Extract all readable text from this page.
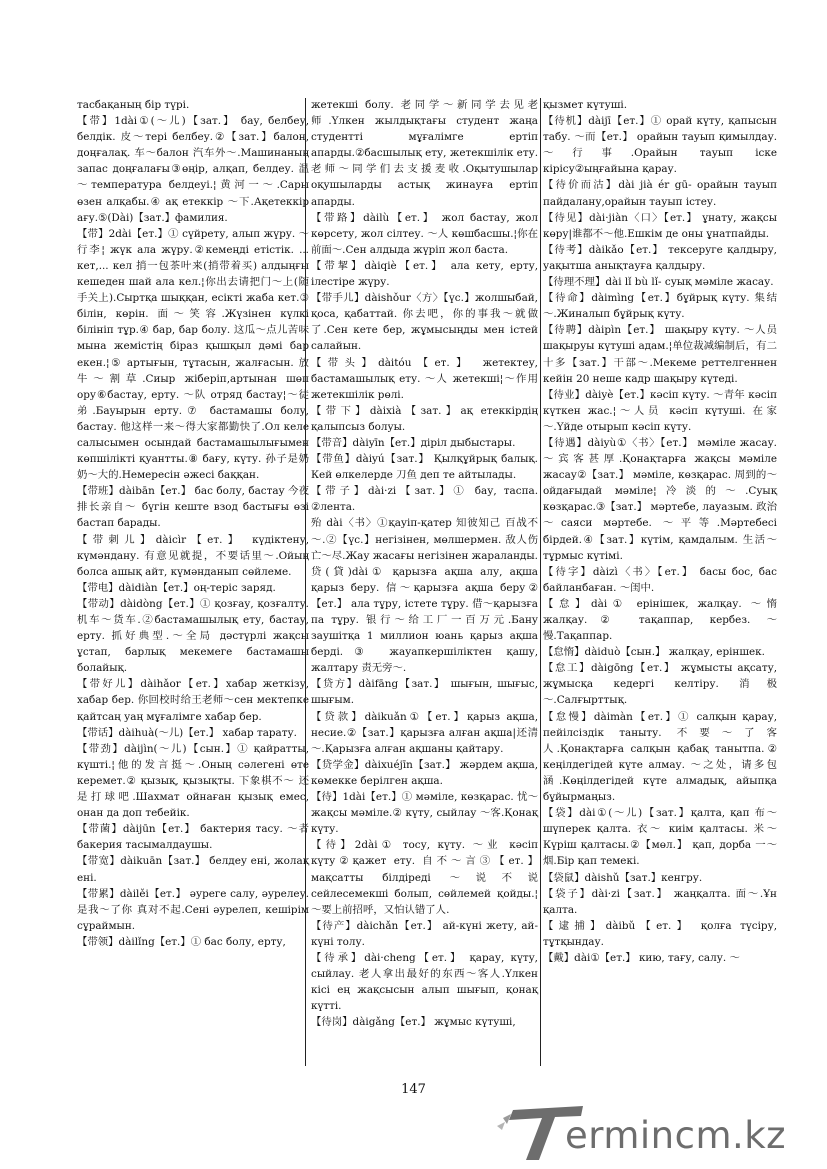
тасбақаның бір түрі.

【带】1dài①(～儿)【зат.】 бау, белбеу, белдік. 皮～тері белбеу.②【зат.】балон, доңғалақ. 车～балон 汽车外～.Машинаның запас доңғалағы③өңір, алқап, белдеу. 温～температура белдеуі.¦黄河一～.Сары өзен алқабы.④ ақ етеккір ～下.Ақетеккір ағу.⑤(Dài)【зат.】фамилия.

【带】2dài【ет.】① сүйрету, алып жүру. ～行李¦ жүк ала жүру.②кемеңді етістік. ... кет,... кел 捎一包茶叶来(捎带着买) алдыңғы кешеден шай ала кел.¦你出去请把门～上(随手关上).Сыртқа шыққан, есікті жаба кет.③ білін, көрін. 面～笑容.Жүзінен күлкі білініп тұр.④ бар, бар болу. 这瓜～点儿苦味 мына жемістің біраз қышқыл дәмі бар екен.¦⑤ артығын, тұтасын, жалғасын. 放牛～割草.Сиыр жіберіп,артынан шөп ору⑥бастау, ерту. ～队 отряд бастау¦～徒弟.Бауырын ерту.⑦ бастамашы болу, бастау. 他这样一来～得大家都勤快了.Ол келе салысымен осындай бастамашылығымен көпшілікті қуантты.⑧ бағу, күту. 孙子是奶奶～大的.Немересін әжесі баққан.

【带班】dàibān【ет.】 бас болу, бастау 今夜排长亲自～ бүгін кеште взод бастығы өзі бастап барады.

【带刺儿】dàicìr【ет.】 күдіктену, күмәндану. 有意见就提，不要话里～.Ойың болса ашық айт, күмәнданып сөйлеме.

【带电】dàidiàn【ет.】оң-теріс заряд.

【带动】dàidòng【ет.】① қозғау, қозғалту. 机车～货车.②бастамашылық ету, бастау, ерту. 抓好典型.～全局 дәстүрлі жақсы ұстап, барлық мекемеге бастамашы болайық.

【带好儿】dàihǎor【ет.】хабар жеткізу, хабар бер. 你回校时给王老师～сен мектепке қайтсаң уаң мұғалімге хабар бер.

【带话】dàihuà(～儿)【ет.】 хабар тарату.

【带劲】dàijìn(～儿)【сын.】① қайратты, күшті.¦他的发言挺～.Оның сәлегені өте керемет.② қызық, қызықты. 下象棋不～ 还是打球吧.Шахмат ойнаған қызық емес, онан да доп тебейік.

【带菌】dàijūn【ет.】 бактерия тасу. ～者 бакерия тасымалдаушы.

【带宽】dàikuān【зат.】 белдеу ені, жолақ ені.

【带累】dàilěi【ет.】 әуреге салу, әурелеу. 是我～了你 真对不起.Сені әурелеп, кешірім сұраймын.

【带领】dàilǐng【ет.】① бас болу, ерту,

жетекші болу. 老同学～新同学去见老师.Үлкен жылдықтағы студент жаңа студентті мұғалімге ертіп апарды.②басшылық ету, жетекшілік ету. 老师～同学们去支援麦收.Оқытушылар оқушыларды астық жинауға ертіп апарды.

【带路】dàilù【ет.】 жол бастау, жол көрсету, жол сілтеу. ～人 көшбасшы.¦你在前面～.Сен алдыда жүріп жол баста.

【带挈】dàiqiè【ет.】 ала кету, ерту, ілестіре жүру.

【带手儿】dàishǒur〈方〉【үс.】жолшыбай, қоса, қабаттай. 你去吧，你的事我～就做了.Сен кете бер, жұмысыңды мен істей салайын.

【带头】dàitóu【ет.】 жетектеу, бастамашылық ету. ～人 жетекші¦～作用 жетекшілік рөлі.

【带下】dàixià【зат.】ақ етеккірдің қалыпсыз болуы.

【带音】dàiyīn【ет.】діріл дыбыстары.

【带鱼】dàiyú【зат.】 Қылқұйрық балық. Кей өлкелерде 刀鱼 деп те айтылады.

【带子】dài·zi【зат.】① бау, таспа. ②лента.

殆 dài〈书〉①қауіп-қатер 知彼知己 百战不～.②【үс.】негізінен, мөлшермен. 敌人伤亡～尽.Жау жасағы негізінен жараланды.

贷(貸)dài① қарызға ақша алу, ақша қарыз беру. 信～қарызға ақша беру②【ет.】 ала тұру, істете тұру. 借～қарызға па тұру. 银行～给工厂一百万元.Бану заушітқа 1 миллион юань қарыз ақша берді.③ жауапкершіліктен қашу, жалтару 责无旁～.

【贷方】dàifāng【зат.】 шығын, шығыс, шығым.

【贷款】dàikuǎn①【ет.】қарыз ақша, несие.②【зат.】қарызға алған ақша|还清～.Қарызға алған ақшаны қайтару.

【贷学金】dàixuéjīn【зат.】 жәрдем ақша, көмекке берілген ақша.

【待】1dài【ет.】① мәміле, көзқарас. 忧～жақсы мәміле.② күту, сыйлау ～客.Қонақ күту.

【待】2dài① тосу, күту. ～业 кәсіп күту②қажет ету. 自不～言③【ет.】мақсатты білдіреді ～说不说 сейлесемекші болып, сөйлемей қойды.¦～要上前招呼，又怕认错了人.

【待产】dàichǎn【ет.】 ай-күні жету, ай-күні толу.

【待承】dài·cheng【ет.】 қарау, күту, сыйлау. 老人拿出最好的东西～客人.Үлкен кісі ең жақсысын алып шығып, қонақ күтті.

【待岗】dàigǎng【ет.】 жұмыс күтуші,

қызмет күтуші.

【待机】dàijī【ет.】① орай күту, қапысын табу. ～而【ет.】 орайын тауып қимылдау. ～行事.Орайын тауып іске кірісу②ыңғайына қарау.

【待价而沽】dài jià ér gū- орайын тауып пайдалану,орайын тауып істеу.

【待见】dài·jiàn〈口〉【ет.】 ұнату, жақсы көру|谁都不～他.Ешкім де оны ұнатпайды.

【待考】dàikǎo【ет.】 тексеруге қалдыру, уақытша анықтауға қалдыру.

【待理不理】dài lǐ bù lǐ- суық мәміле жасау.

【待命】dàimìng【ет.】бұйрық күту. 集结～.Жиналып бұйрық күту.

【待聘】dàipìn【ет.】 шақыру күту. ～人员 шақыруы күтуші адам.¦单位裁减编制后，有二十多【зат.】干部～.Мекеме реттелгеннен кейін 20 неше кадр шақыру күтеді.

【待业】dàiyè【ет.】кәсіп күту. ～青年 кәсіп күткен жас.¦～人员 кәсіп күтуші. 在家～.Үйде отырып кәсіп күту.

【待遇】dàiyù①〈书〉【ет.】 мәміле жасау. ～宾客甚厚.Қонақтарға жақсы мәміле жасау②【зат.】 мәміле, көзқарас. 周到的～ ойдағыдай мәміле¦冷淡的～.Суық көзқарас.③【зат.】 мәртебе, лауазым. 政治～саяси мәртебе. ～平等.Мәртебесі бірдей.④【зат.】күтім, қамдалым. 生活～тұрмыс күтімі.

【待字】dàizì〈书〉【ет.】 басы бос, бас байланбаған. ～闺中.

【怠】dài① ерінішек, жалқау. ～惰 жалқау.② тақаппар, кербез. ～慢.Тақаппар.

【怠惰】dàiduò【сын.】 жалқау, еріншек.

【怠工】dàigōng【ет.】 жұмысты ақсату, жұмысқа кедергі келтіру. 消极～.Салғырттық.

【怠慢】dàimàn【ет.】① салқын қарау, пейілсіздік таныту. 不要～了客人.Қонақтарға салқын қабақ танытпа.② кеңілдегідей күте алмау. ～之处，请多包涵.Көңілдегідей күте алмадық, айыпқа бұйырмаңыз.

【袋】dài①(～儿)【зат.】қалта, қап 布～ шүперек қалта. 衣～ киім қалтасы. 米～ Күріш қалтасы.②【мөл.】 қап, дорба 一～烟.Бір қап темекі.

【袋鼠】dàishǔ【зат.】кенгру.

【袋子】dài·zi【зат.】 жаңқалта. 面～.Ұн қалта.

【逮捕】dàibǔ【ет.】 қолға түсіру, тұтқындау.

【戴】dài①【ет.】 кию, тағу, салу. ～

147
ermincm.kz
